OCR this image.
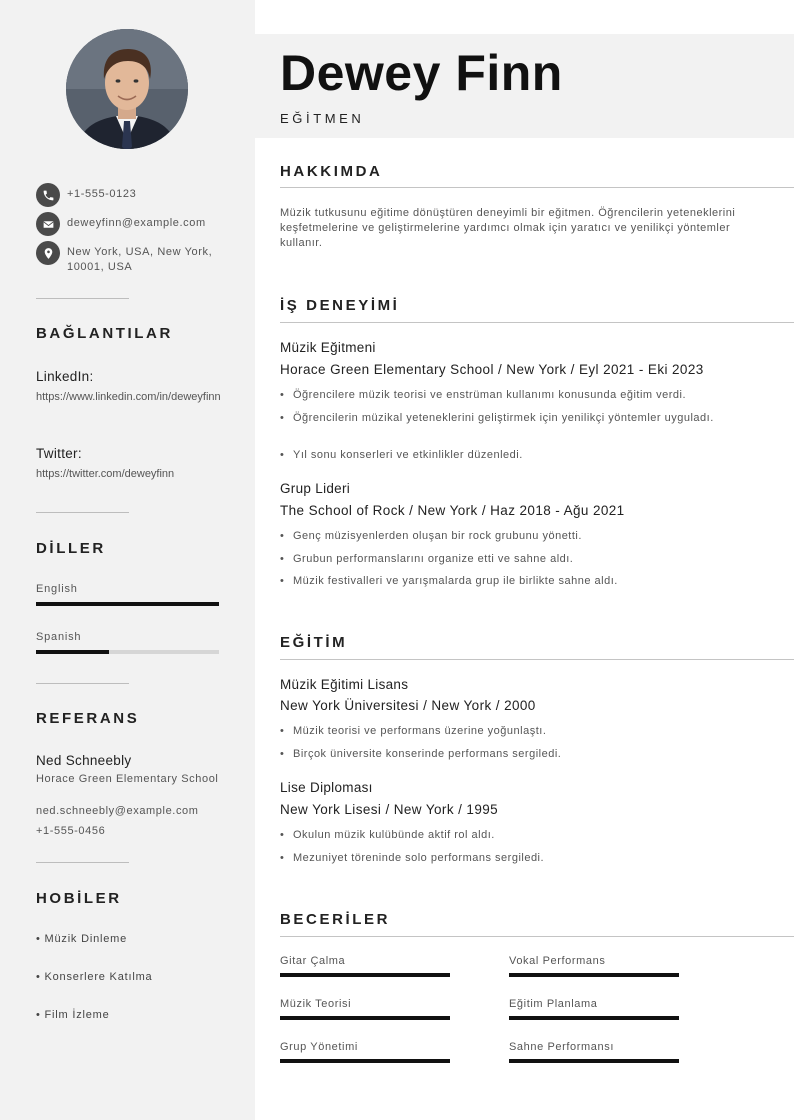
+1-555-0123
deweyfinn@example.com
New York, USA, New York, 10001, USA
BAĞLANTILAR
LinkedIn:
https://www.linkedin.com/in/deweyfinn
Twitter:
https://twitter.com/deweyfinn
DİLLER
English
Spanish
REFERANS
Ned Schneebly
Horace Green Elementary School
ned.schneebly@example.com
+1-555-0456
HOBİLER
• Müzik Dinleme
• Konserlere Katılma
• Film İzleme
Dewey Finn
EĞİTMEN
HAKKIMDA
Müzik tutkusunu eğitime dönüştüren deneyimli bir eğitmen. Öğrencilerin yeteneklerini keşfetmelerine ve geliştirmelerine yardımcı olmak için yaratıcı ve yenilikçi yöntemler kullanır.
İŞ DENEYİMİ
Müzik Eğitmeni
Horace Green Elementary School / New York / Eyl 2021 - Eki 2023
• Öğrencilere müzik teorisi ve enstrüman kullanımı konusunda eğitim verdi.
• Öğrencilerin müzikal yeteneklerini geliştirmek için yenilikçi yöntemler uyguladı.
• Yıl sonu konserleri ve etkinlikler düzenledi.
Grup Lideri
The School of Rock / New York / Haz 2018 - Ağu 2021
• Genç müzisyenlerden oluşan bir rock grubunu yönetti.
• Grubun performanslarını organize etti ve sahne aldı.
• Müzik festivalleri ve yarışmalarda grup ile birlikte sahne aldı.
EĞİTİM
Müzik Eğitimi Lisans
New York Üniversitesi / New York / 2000
• Müzik teorisi ve performans üzerine yoğunlaştı.
• Birçok üniversite konserinde performans sergiledi.
Lise Diploması
New York Lisesi / New York / 1995
• Okulun müzik kulübünde aktif rol aldı.
• Mezuniyet töreninde solo performans sergiledi.
BECERİLER
Gitar Çalma	Vokal Performans
Müzik Teorisi	Eğitim Planlama
Grup Yönetimi	Sahne Performansı
